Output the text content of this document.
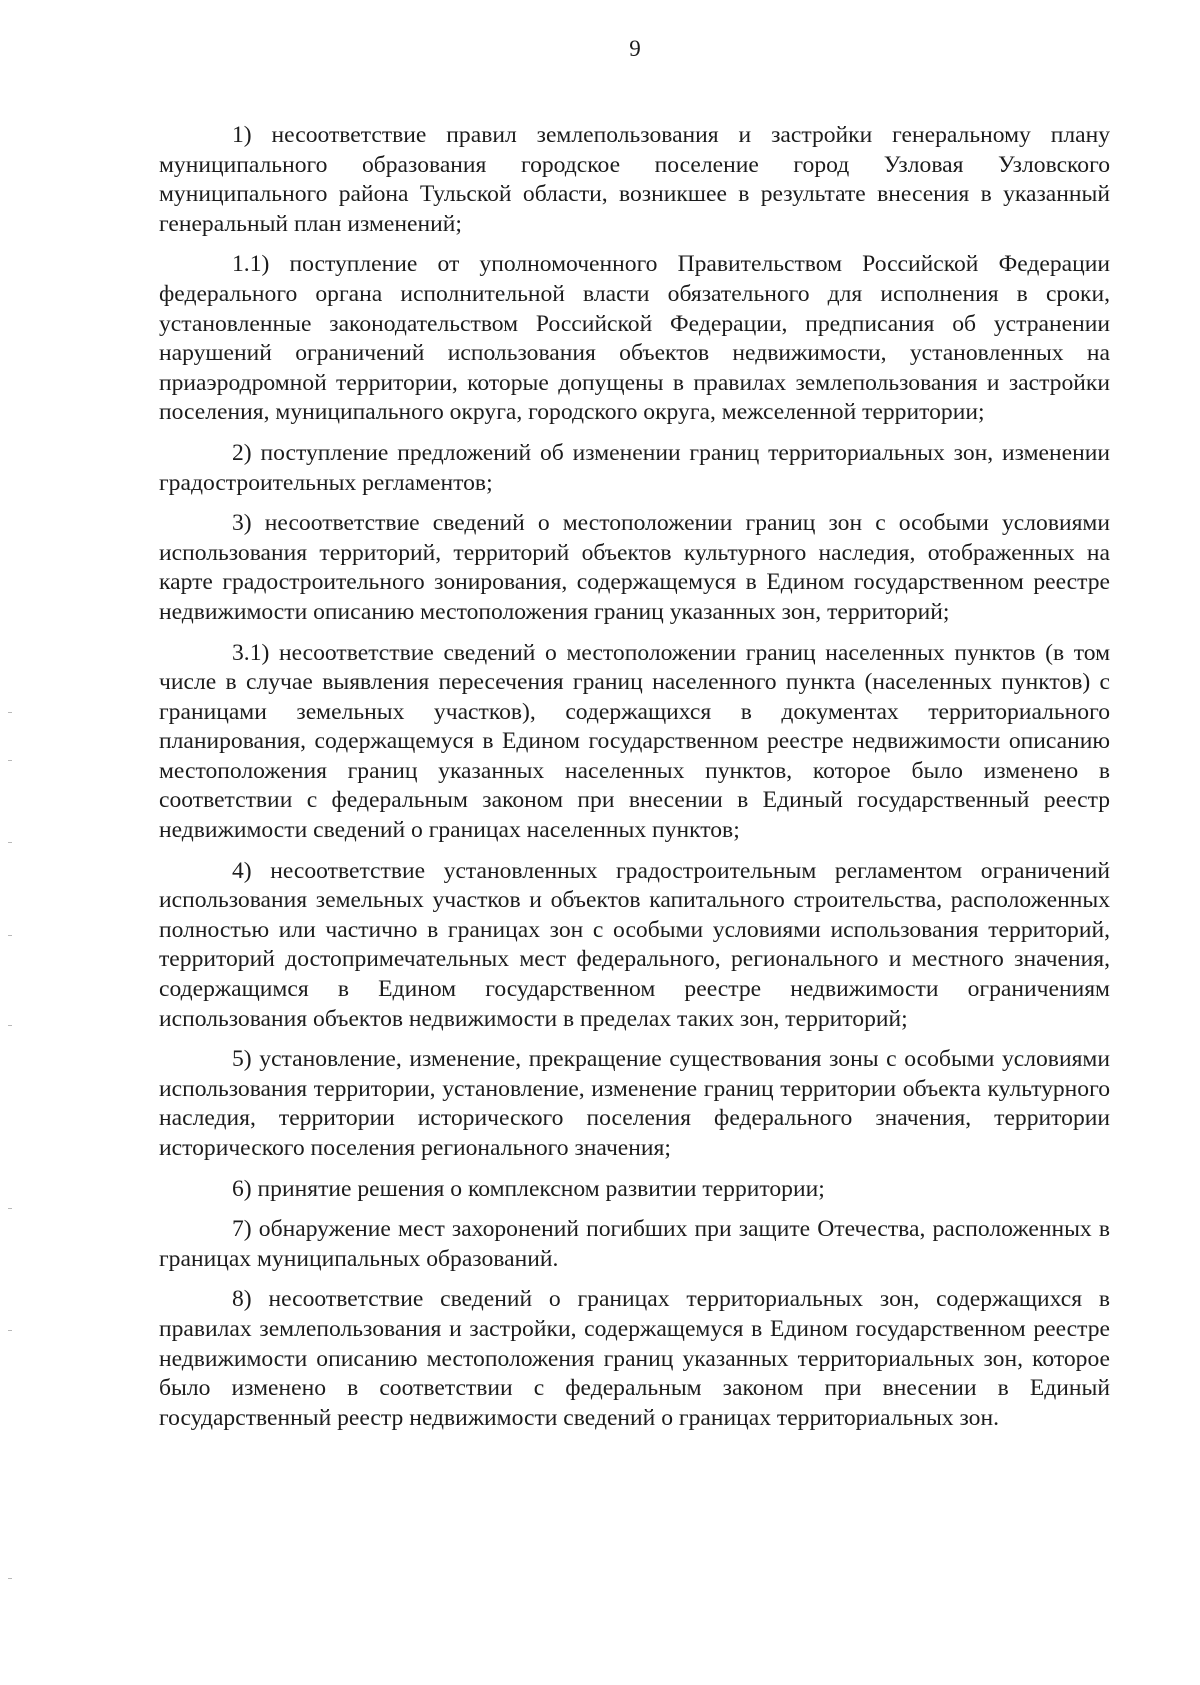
9

1) несоответствие правил землепользования и застройки генеральному плану муниципального образования городское поселение город Узловая Узловского муниципального района Тульской области, возникшее в результате внесения в указанный генеральный план изменений;

1.1) поступление от уполномоченного Правительством Российской Федерации федерального органа исполнительной власти обязательного для исполнения в сроки, установленные законодательством Российской Федерации, предписания об устранении нарушений ограничений использования объектов недвижимости, установленных на приаэродромной территории, которые допущены в правилах землепользования и застройки поселения, муниципального округа, городского округа, межселенной территории;

2) поступление предложений об изменении границ территориальных зон, изменении градостроительных регламентов;

3) несоответствие сведений о местоположении границ зон с особыми условиями использования территорий, территорий объектов культурного наследия, отображенных на карте градостроительного зонирования, содержащемуся в Едином государственном реестре недвижимости описанию местоположения границ указанных зон, территорий;

3.1) несоответствие сведений о местоположении границ населенных пунктов (в том числе в случае выявления пересечения границ населенного пункта (населенных пунктов) с границами земельных участков), содержащихся в документах территориального планирования, содержащемуся в Едином государственном реестре недвижимости описанию местоположения границ указанных населенных пунктов, которое было изменено в соответствии с федеральным законом при внесении в Единый государственный реестр недвижимости сведений о границах населенных пунктов;

4) несоответствие установленных градостроительным регламентом ограничений использования земельных участков и объектов капитального строительства, расположенных полностью или частично в границах зон с особыми условиями использования территорий, территорий достопримечательных мест федерального, регионального и местного значения, содержащимся в Едином государственном реестре недвижимости ограничениям использования объектов недвижимости в пределах таких зон, территорий;

5) установление, изменение, прекращение существования зоны с особыми условиями использования территории, установление, изменение границ территории объекта культурного наследия, территории исторического поселения федерального значения, территории исторического поселения регионального значения;

6) принятие решения о комплексном развитии территории;

7) обнаружение мест захоронений погибших при защите Отечества, расположенных в границах муниципальных образований.

8) несоответствие сведений о границах территориальных зон, содержащихся в правилах землепользования и застройки, содержащемуся в Едином государственном реестре недвижимости описанию местоположения границ указанных территориальных зон, которое было изменено в соответствии с федеральным законом при внесении в Единый государственный реестр недвижимости сведений о границах территориальных зон.
